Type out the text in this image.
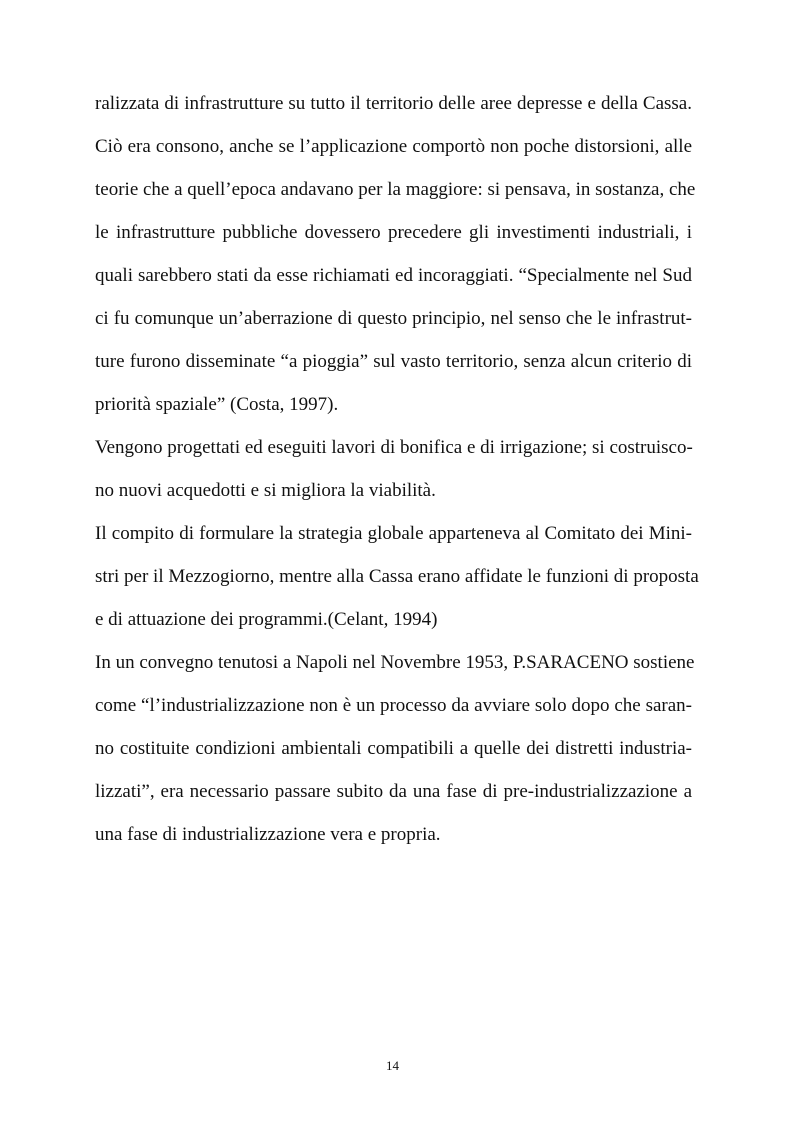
ralizzata di infrastrutture su tutto il territorio delle aree depresse e della Cassa.
Ciò era consono, anche se l’applicazione comportò non poche distorsioni, alle
teorie che a quell’epoca andavano per la maggiore: si pensava, in sostanza, che
le infrastrutture pubbliche dovessero precedere gli investimenti industriali, i
quali sarebbero stati da esse richiamati ed incoraggiati. “Specialmente nel Sud
ci fu comunque un’aberrazione di questo principio, nel senso che le infrastrut-
ture furono disseminate “a pioggia” sul vasto territorio, senza alcun criterio di
priorità spaziale” (Costa, 1997).
Vengono progettati ed eseguiti lavori di bonifica e di irrigazione; si costruisco-
no nuovi acquedotti e si migliora la viabilità.
Il compito di formulare la strategia globale apparteneva al Comitato dei Mini-
stri per il Mezzogiorno, mentre alla Cassa erano affidate le funzioni di proposta
e di attuazione dei programmi.(Celant, 1994)
In un convegno tenutosi a Napoli nel Novembre 1953, P.SARACENO sostiene
come “l’industrializzazione non è un processo da avviare solo dopo che saran-
no costituite condizioni ambientali compatibili a quelle dei distretti industria-
lizzati”, era necessario passare subito da una fase di pre-industrializzazione a
una fase di industrializzazione vera e propria.
14
